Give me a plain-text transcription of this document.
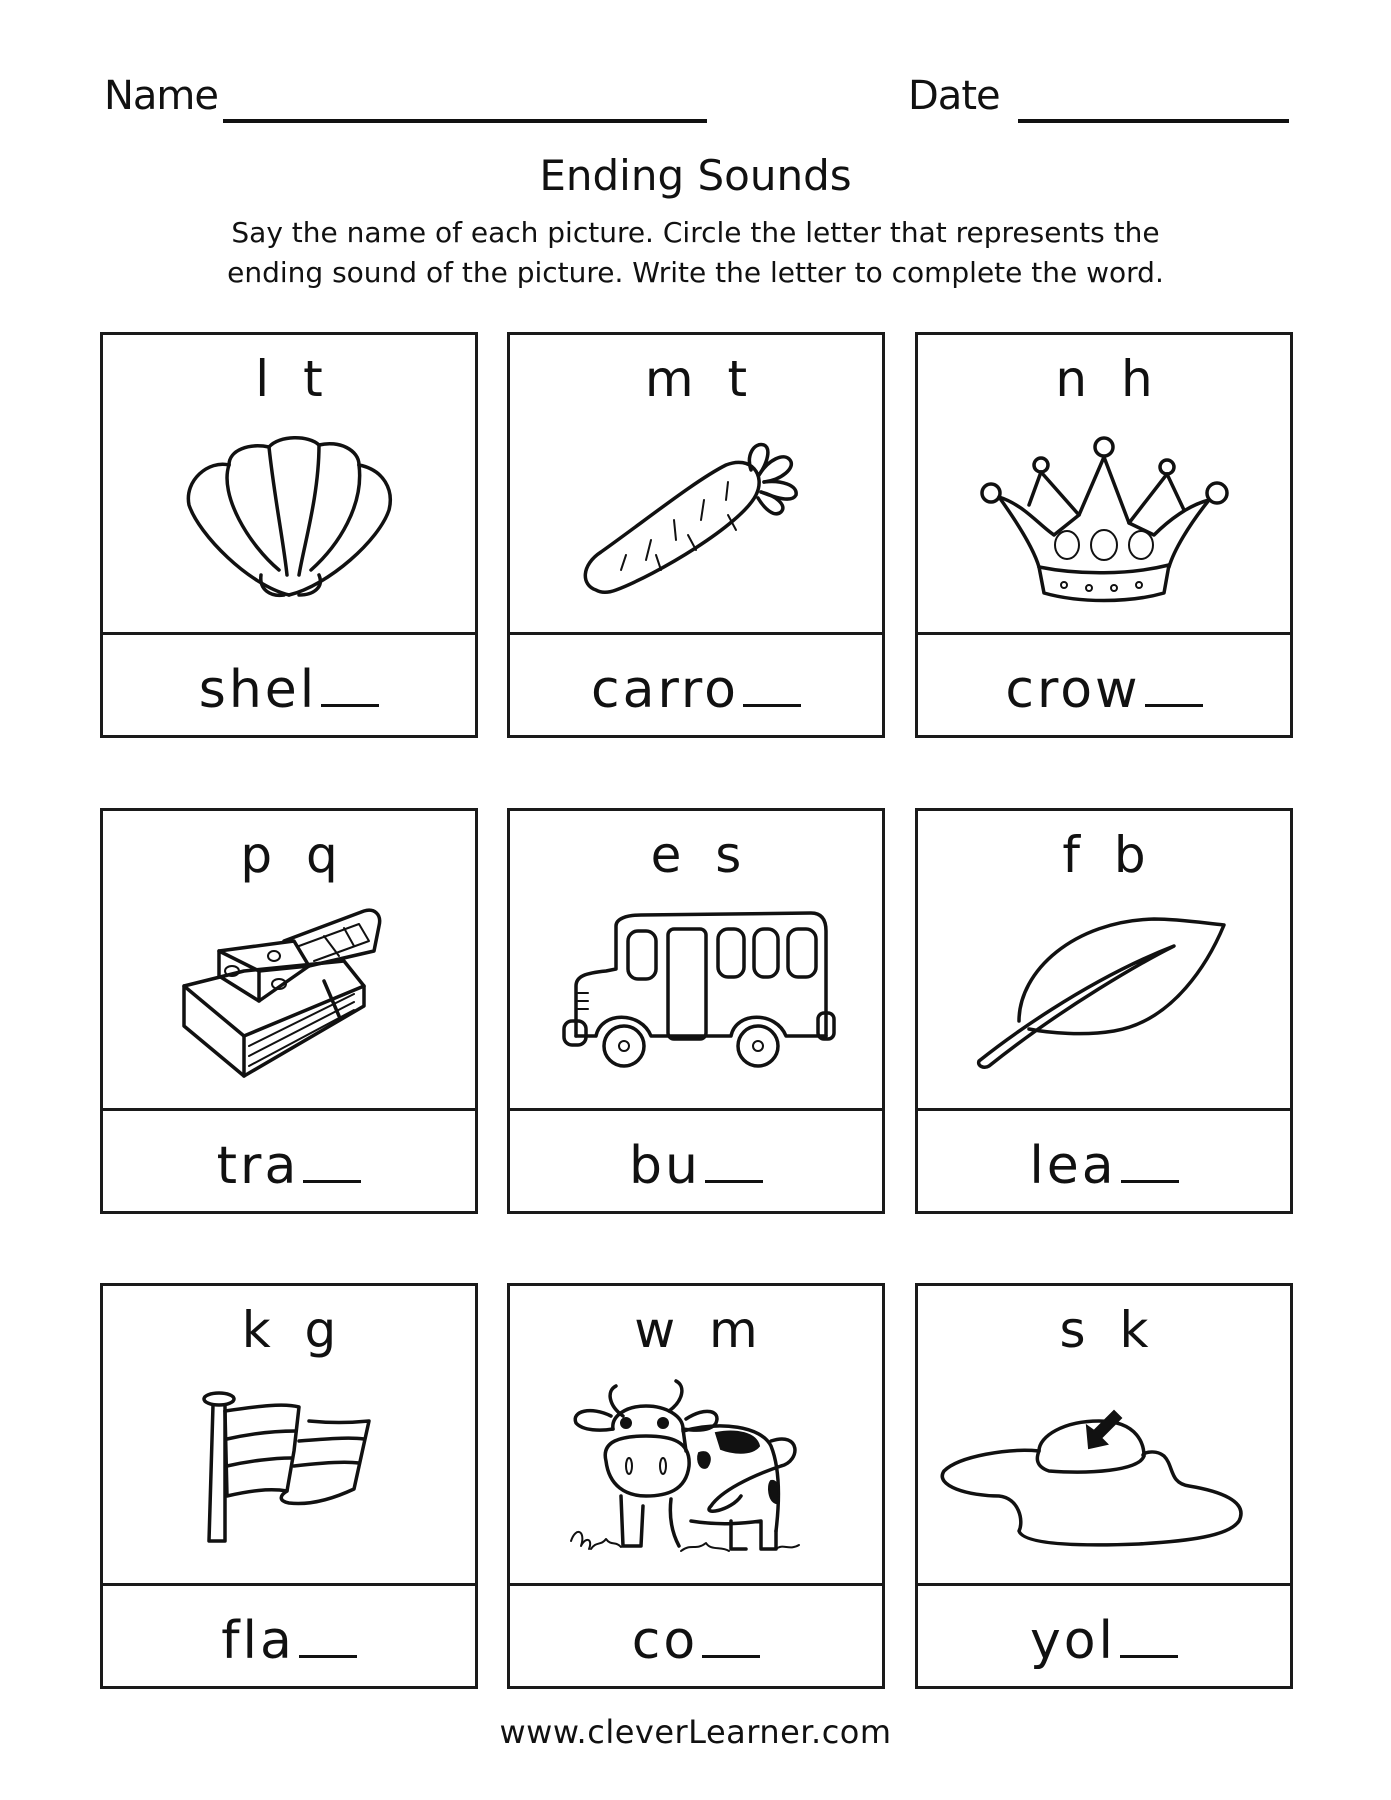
Name	Date
Ending Sounds
Say the name of each picture. Circle the letter that represents the
ending sound of the picture. Write the letter to complete the word.
l t
shel
m t
carro
n h
crow
p q
tra
e s
bu
f b
lea
k g
fla
w m
co
s k
yol
www.cleverLearner.com
